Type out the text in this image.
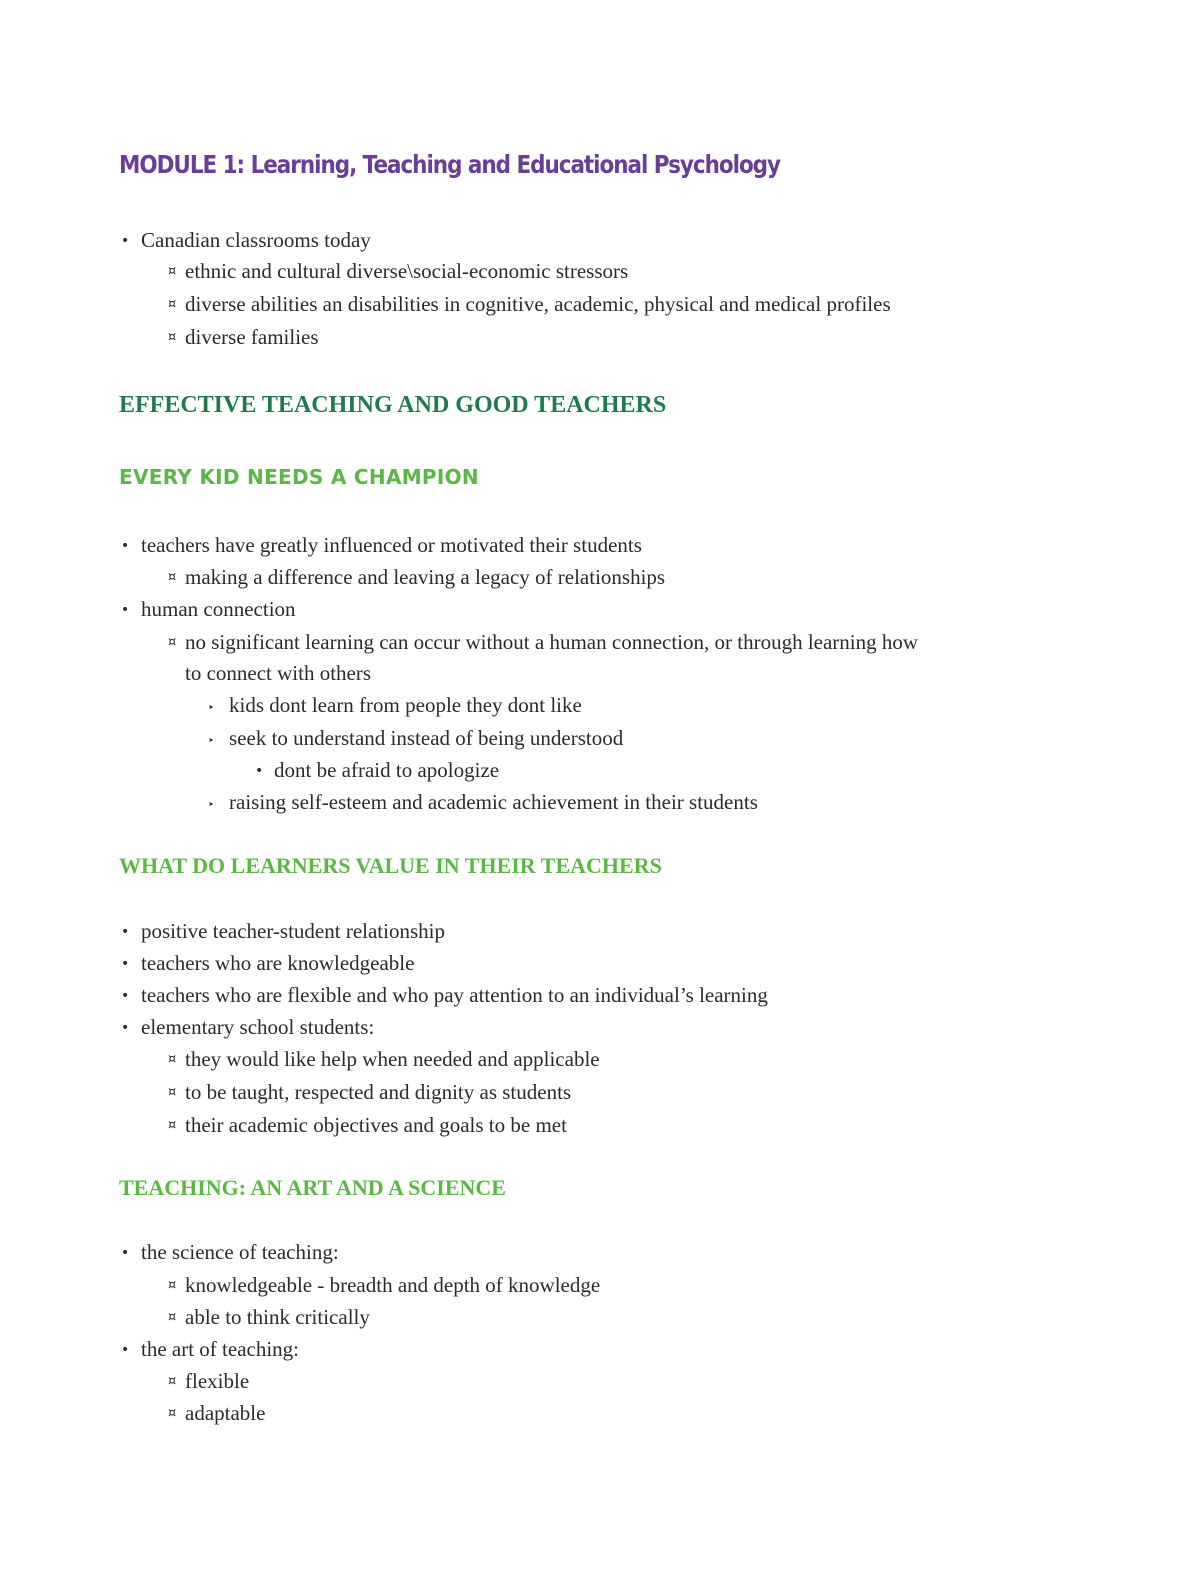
MODULE 1: Learning, Teaching and Educational Psychology
• Canadian classrooms today
¤ ethnic and cultural diverse\social-economic stressors
¤ diverse abilities an disabilities in cognitive, academic, physical and medical profiles
¤ diverse families
EFFECTIVE TEACHING AND GOOD TEACHERS
EVERY KID NEEDS A CHAMPION
• teachers have greatly influenced or motivated their students
¤ making a difference and leaving a legacy of relationships
• human connection
¤ no significant learning can occur without a human connection, or through learning how
to connect with others
‣ kids dont learn from people they dont like
‣ seek to understand instead of being understood
• dont be afraid to apologize
‣ raising self-esteem and academic achievement in their students
WHAT DO LEARNERS VALUE IN THEIR TEACHERS
• positive teacher-student relationship
• teachers who are knowledgeable
• teachers who are flexible and who pay attention to an individual’s learning
• elementary school students:
¤ they would like help when needed and applicable
¤ to be taught, respected and dignity as students
¤ their academic objectives and goals to be met
TEACHING: AN ART AND A SCIENCE
• the science of teaching:
¤ knowledgeable - breadth and depth of knowledge
¤ able to think critically
• the art of teaching:
¤ flexible
¤ adaptable
